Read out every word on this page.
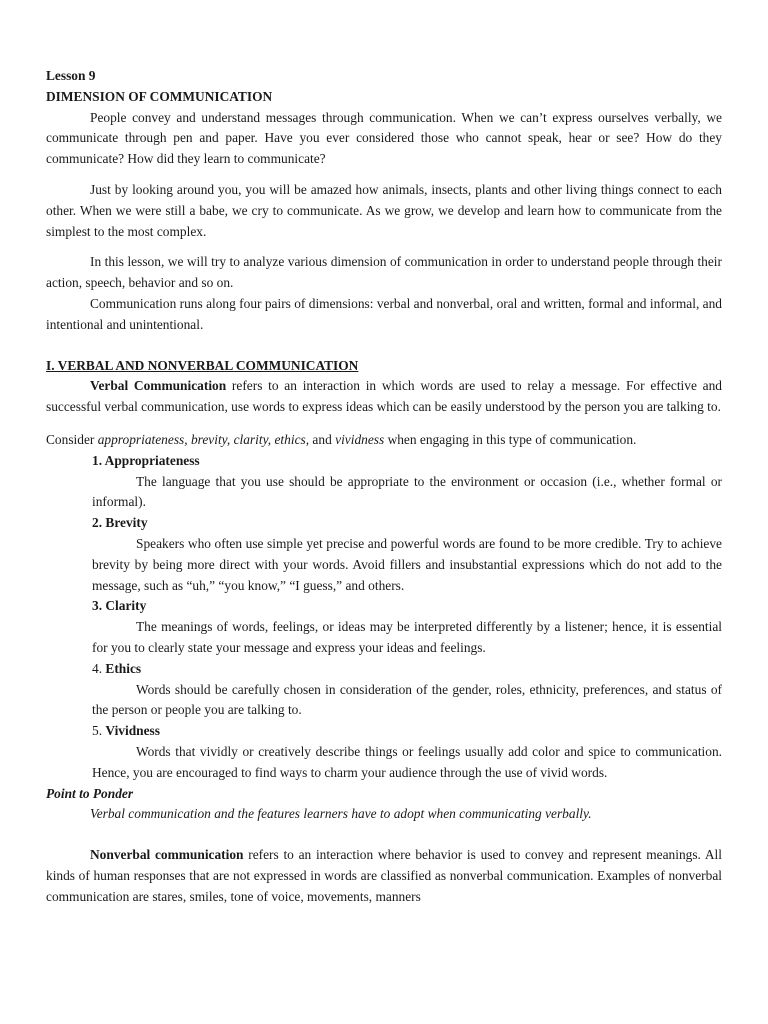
Lesson 9

DIMENSION OF COMMUNICATION

People convey and understand messages through communication. When we can’t express ourselves verbally, we communicate through pen and paper. Have you ever considered those who cannot speak, hear or see? How do they communicate? How did they learn to communicate?

Just by looking around you, you will be amazed how animals, insects, plants and other living things connect to each other. When we were still a babe, we cry to communicate. As we grow, we develop and learn how to communicate from the simplest to the most complex.

In this lesson, we will try to analyze various dimension of communication in order to understand people through their action, speech, behavior and so on.

Communication runs along four pairs of dimensions: verbal and nonverbal, oral and written, formal and informal, and intentional and unintentional.

I. VERBAL AND NONVERBAL COMMUNICATION

Verbal Communication refers to an interaction in which words are used to relay a message. For effective and successful verbal communication, use words to express ideas which can be easily understood by the person you are talking to.

Consider appropriateness, brevity, clarity, ethics, and vividness when engaging in this type of communication.

1. Appropriateness

The language that you use should be appropriate to the environment or occasion (i.e., whether formal or informal).

2. Brevity

Speakers who often use simple yet precise and powerful words are found to be more credible. Try to achieve brevity by being more direct with your words. Avoid fillers and insubstantial expressions which do not add to the message, such as “uh,” “you know,” “I guess,” and others.

3. Clarity

The meanings of words, feelings, or ideas may be interpreted differently by a listener; hence, it is essential for you to clearly state your message and express your ideas and feelings.

4. Ethics

Words should be carefully chosen in consideration of the gender, roles, ethnicity, preferences, and status of the person or people you are talking to.

5. Vividness

Words that vividly or creatively describe things or feelings usually add color and spice to communication. Hence, you are encouraged to find ways to charm your audience through the use of vivid words.

Point to Ponder

Verbal communication and the features learners have to adopt when communicating verbally.

Nonverbal communication refers to an interaction where behavior is used to convey and represent meanings. All kinds of human responses that are not expressed in words are classified as nonverbal communication. Examples of nonverbal communication are stares, smiles, tone of voice, movements, manners
